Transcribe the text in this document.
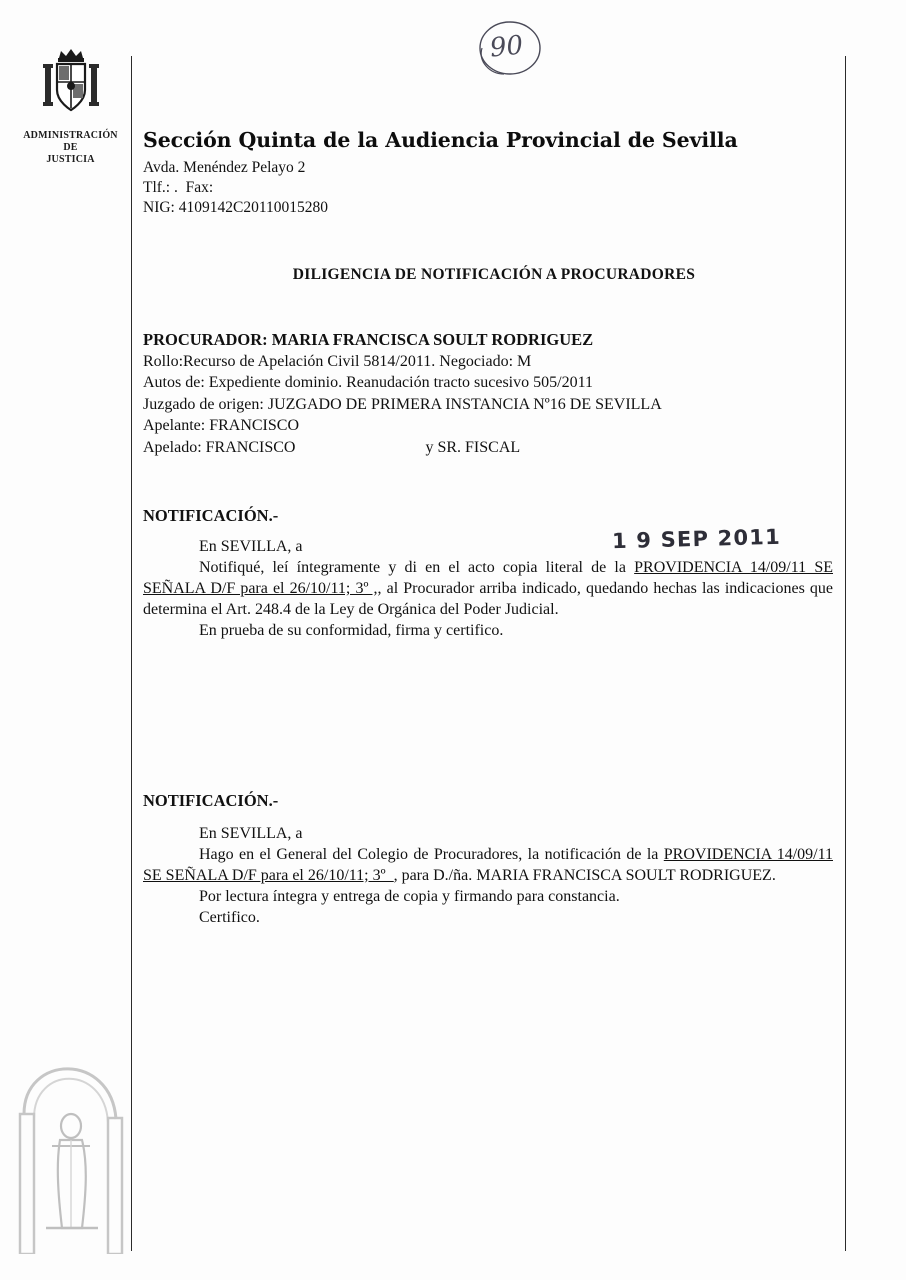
90
ADMINISTRACIÓN
DE
JUSTICIA
Sección Quinta de la Audiencia Provincial de Sevilla
Avda. Menéndez Pelayo 2
Tlf.: .  Fax:
NIG: 4109142C20110015280
DILIGENCIA DE NOTIFICACIÓN A PROCURADORES
PROCURADOR: MARIA FRANCISCA SOULT RODRIGUEZ
Rollo:Recurso de Apelación Civil 5814/2011. Negociado: M
Autos de: Expediente dominio. Reanudación tracto sucesivo 505/2011
Juzgado de origen: JUZGADO DE PRIMERA INSTANCIA Nº16 DE SEVILLA
Apelante: FRANCISCO
Apelado: FRANCISCO	y SR. FISCAL
NOTIFICACIÓN.-
En SEVILLA, a

Notifiqué, leí íntegramente y di en el acto copia literal de la PROVIDENCIA 14/09/11 SE SEÑALA D/F para el 26/10/11; 3º ,, al Procurador arriba indicado, quedando hechas las indicaciones que determina el Art. 248.4 de la Ley de Orgánica del Poder Judicial.

En prueba de su conformidad, firma y certifico.

NOTIFICACIÓN.-
En SEVILLA, a

Hago en el General del Colegio de Procuradores, la notificación de la PROVIDENCIA 14/09/11 SE SEÑALA D/F para el 26/10/11; 3º_, para D./ña. MARIA FRANCISCA SOULT RODRIGUEZ.

Por lectura íntegra y entrega de copia y firmando para constancia.

Certifico.

1 9 SEP 2011
